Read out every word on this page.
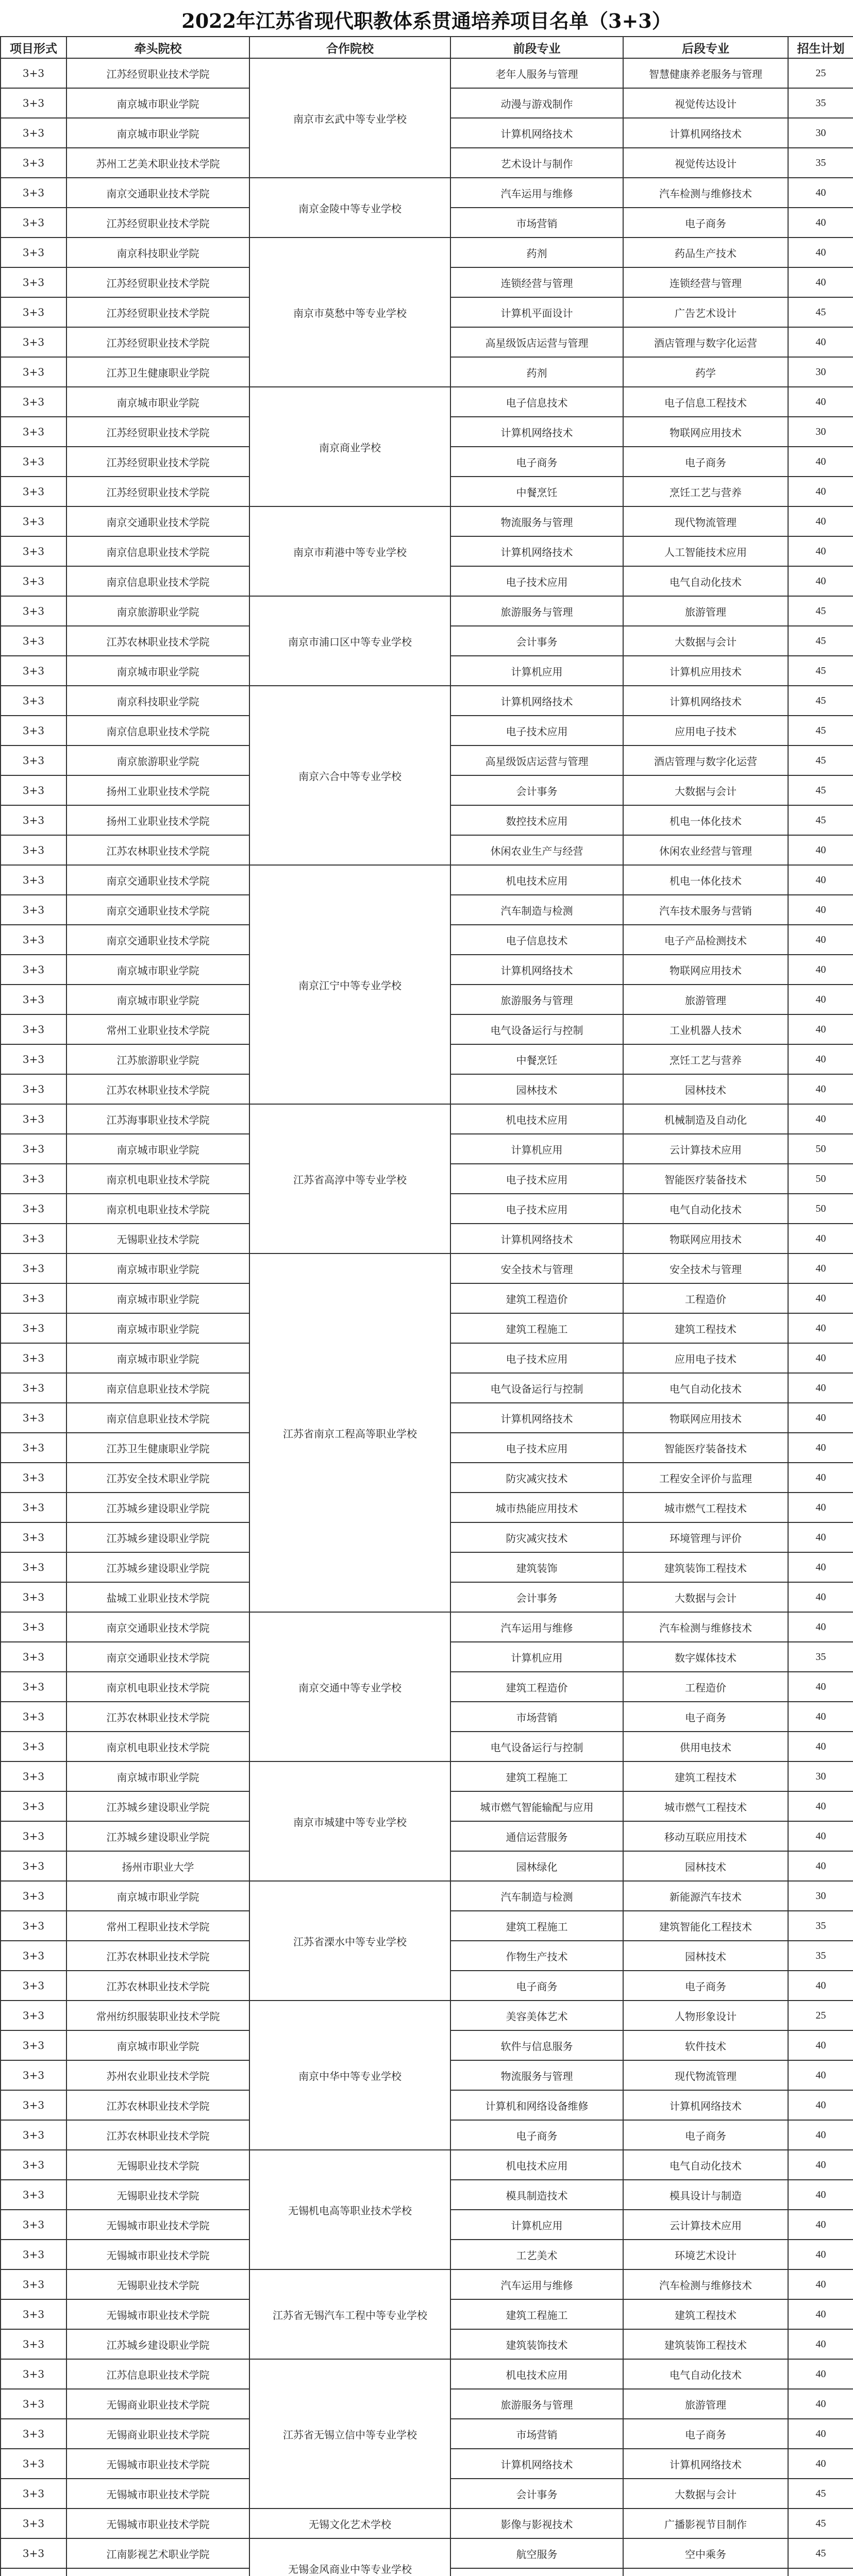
2022年江苏省现代职教体系贯通培养项目名单（3+3）
项目形式	牵头院校	合作院校	前段专业	后段专业	招生计划
3+3	江苏经贸职业技术学院	南京市玄武中等专业学校	老年人服务与管理	智慧健康养老服务与管理	25
3+3	南京城市职业学院		动漫与游戏制作	视觉传达设计	35
3+3	南京城市职业学院		计算机网络技术	计算机网络技术	30
3+3	苏州工艺美术职业技术学院		艺术设计与制作	视觉传达设计	35
3+3	南京交通职业技术学院	南京金陵中等专业学校	汽车运用与维修	汽车检测与维修技术	40
3+3	江苏经贸职业技术学院		市场营销	电子商务	40
3+3	南京科技职业学院	南京市莫愁中等专业学校	药剂	药品生产技术	40
3+3	江苏经贸职业技术学院		连锁经营与管理	连锁经营与管理	40
3+3	江苏经贸职业技术学院		计算机平面设计	广告艺术设计	45
3+3	江苏经贸职业技术学院		高星级饭店运营与管理	酒店管理与数字化运营	40
3+3	江苏卫生健康职业学院		药剂	药学	30
3+3	南京城市职业学院	南京商业学校	电子信息技术	电子信息工程技术	40
3+3	江苏经贸职业技术学院		计算机网络技术	物联网应用技术	30
3+3	江苏经贸职业技术学院		电子商务	电子商务	40
3+3	江苏经贸职业技术学院		中餐烹饪	烹饪工艺与营养	40
3+3	南京交通职业技术学院	南京市莉港中等专业学校	物流服务与管理	现代物流管理	40
3+3	南京信息职业技术学院		计算机网络技术	人工智能技术应用	40
3+3	南京信息职业技术学院		电子技术应用	电气自动化技术	40
3+3	南京旅游职业学院	南京市浦口区中等专业学校	旅游服务与管理	旅游管理	45
3+3	江苏农林职业技术学院		会计事务	大数据与会计	45
3+3	南京城市职业学院		计算机应用	计算机应用技术	45
3+3	南京科技职业学院	南京六合中等专业学校	计算机网络技术	计算机网络技术	45
3+3	南京信息职业技术学院		电子技术应用	应用电子技术	45
3+3	南京旅游职业学院		高星级饭店运营与管理	酒店管理与数字化运营	45
3+3	扬州工业职业技术学院		会计事务	大数据与会计	45
3+3	扬州工业职业技术学院		数控技术应用	机电一体化技术	45
3+3	江苏农林职业技术学院		休闲农业生产与经营	休闲农业经营与管理	40
3+3	南京交通职业技术学院	南京江宁中等专业学校	机电技术应用	机电一体化技术	40
3+3	南京交通职业技术学院		汽车制造与检测	汽车技术服务与营销	40
3+3	南京交通职业技术学院		电子信息技术	电子产品检测技术	40
3+3	南京城市职业学院		计算机网络技术	物联网应用技术	40
3+3	南京城市职业学院		旅游服务与管理	旅游管理	40
3+3	常州工业职业技术学院		电气设备运行与控制	工业机器人技术	40
3+3	江苏旅游职业学院		中餐烹饪	烹饪工艺与营养	40
3+3	江苏农林职业技术学院		园林技术	园林技术	40
3+3	江苏海事职业技术学院	江苏省高淳中等专业学校	机电技术应用	机械制造及自动化	40
3+3	南京城市职业学院		计算机应用	云计算技术应用	50
3+3	南京机电职业技术学院		电子技术应用	智能医疗装备技术	50
3+3	南京机电职业技术学院		电子技术应用	电气自动化技术	50
3+3	无锡职业技术学院		计算机网络技术	物联网应用技术	40
3+3	南京城市职业学院	江苏省南京工程高等职业学校	安全技术与管理	安全技术与管理	40
3+3	南京城市职业学院		建筑工程造价	工程造价	40
3+3	南京城市职业学院		建筑工程施工	建筑工程技术	40
3+3	南京城市职业学院		电子技术应用	应用电子技术	40
3+3	南京信息职业技术学院		电气设备运行与控制	电气自动化技术	40
3+3	南京信息职业技术学院		计算机网络技术	物联网应用技术	40
3+3	江苏卫生健康职业学院		电子技术应用	智能医疗装备技术	40
3+3	江苏安全技术职业学院		防灾减灾技术	工程安全评价与监理	40
3+3	江苏城乡建设职业学院		城市热能应用技术	城市燃气工程技术	40
3+3	江苏城乡建设职业学院		防灾减灾技术	环境管理与评价	40
3+3	江苏城乡建设职业学院		建筑装饰	建筑装饰工程技术	40
3+3	盐城工业职业技术学院		会计事务	大数据与会计	40
3+3	南京交通职业技术学院	南京交通中等专业学校	汽车运用与维修	汽车检测与维修技术	40
3+3	南京交通职业技术学院		计算机应用	数字媒体技术	35
3+3	南京机电职业技术学院		建筑工程造价	工程造价	40
3+3	江苏农林职业技术学院		市场营销	电子商务	40
3+3	南京机电职业技术学院		电气设备运行与控制	供用电技术	40
3+3	南京城市职业学院	南京市城建中等专业学校	建筑工程施工	建筑工程技术	30
3+3	江苏城乡建设职业学院		城市燃气智能输配与应用	城市燃气工程技术	40
3+3	江苏城乡建设职业学院		通信运营服务	移动互联应用技术	40
3+3	扬州市职业大学		园林绿化	园林技术	40
3+3	南京城市职业学院	江苏省溧水中等专业学校	汽车制造与检测	新能源汽车技术	30
3+3	常州工程职业技术学院		建筑工程施工	建筑智能化工程技术	35
3+3	江苏农林职业技术学院		作物生产技术	园林技术	35
3+3	江苏农林职业技术学院		电子商务	电子商务	40
3+3	常州纺织服装职业技术学院	南京中华中等专业学校	美容美体艺术	人物形象设计	25
3+3	南京城市职业学院		软件与信息服务	软件技术	40
3+3	苏州农业职业技术学院		物流服务与管理	现代物流管理	40
3+3	江苏农林职业技术学院		计算机和网络设备维修	计算机网络技术	40
3+3	江苏农林职业技术学院		电子商务	电子商务	40
3+3	无锡职业技术学院	无锡机电高等职业技术学校	机电技术应用	电气自动化技术	40
3+3	无锡职业技术学院		模具制造技术	模具设计与制造	40
3+3	无锡城市职业技术学院		计算机应用	云计算技术应用	40
3+3	无锡城市职业技术学院		工艺美术	环境艺术设计	40
3+3	无锡职业技术学院	江苏省无锡汽车工程中等专业学校	汽车运用与维修	汽车检测与维修技术	40
3+3	无锡城市职业技术学院		建筑工程施工	建筑工程技术	40
3+3	江苏城乡建设职业学院		建筑装饰技术	建筑装饰工程技术	40
3+3	江苏信息职业技术学院	江苏省无锡立信中等专业学校	机电技术应用	电气自动化技术	40
3+3	无锡商业职业技术学院		旅游服务与管理	旅游管理	40
3+3	无锡商业职业技术学院		市场营销	电子商务	40
3+3	无锡城市职业技术学院		计算机网络技术	计算机网络技术	40
3+3	无锡城市职业技术学院		会计事务	大数据与会计	45
3+3	无锡城市职业技术学院	无锡文化艺术学校	影像与影视技术	广播影视节目制作	45
3+3	江南影视艺术职业学院	无锡金风商业中等专业学校	航空服务	空中乘务	45
